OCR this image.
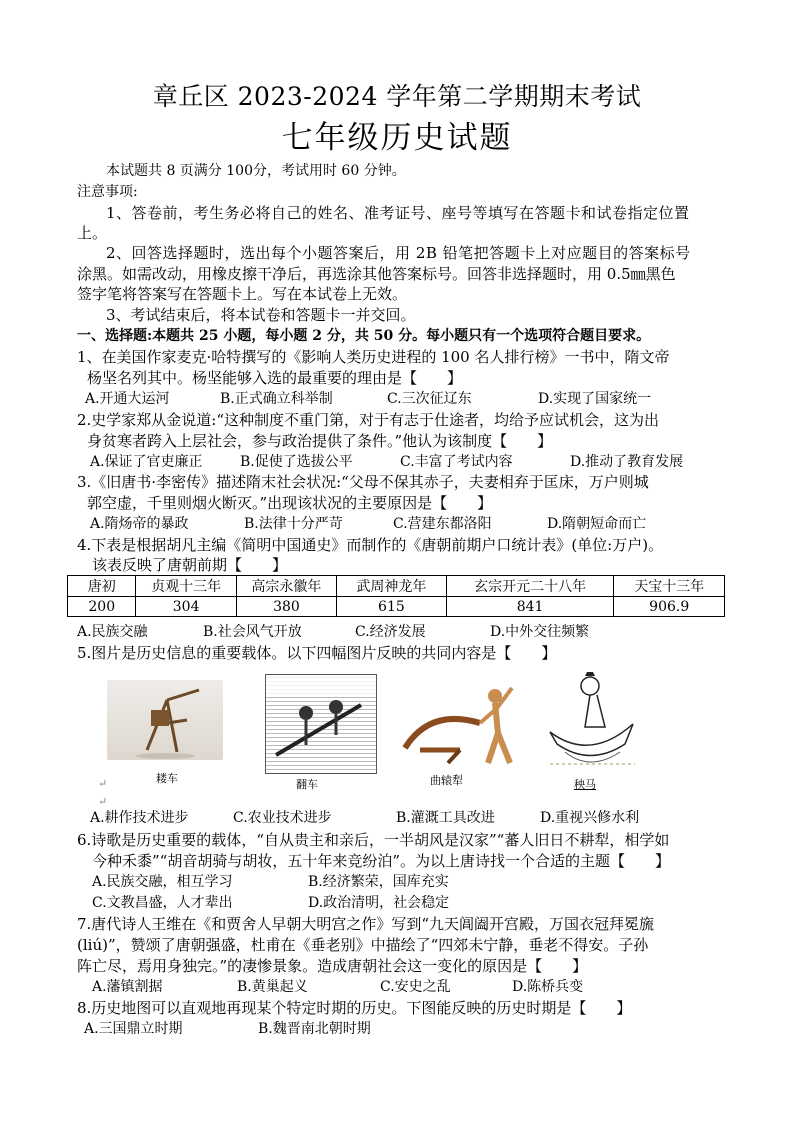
章丘区 2023-2024 学年第二学期期末考试
七年级历史试题
本试题共 8 页满分 100分，考试用时 60 分钟。
注意事项:
1、答卷前，考生务必将自己的姓名、准考证号、座号等填写在答题卡和试卷指定位置
上。
2、回答选择题时，选出每个小题答案后，用 2B 铅笔把答题卡上对应题目的答案标号
涂黑。如需改动，用橡皮擦干净后，再选涂其他答案标号。回答非选择题时，用 0.5㎜黑色
签字笔将答案写在答题卡上。写在本试卷上无效。
3、考试结束后，将本试卷和答题卡一并交回。
一、选择题:本题共 25 小题，每小题 2 分，共 50 分。每小题只有一个选项符合题目要求。
1、在美国作家麦克·哈特撰写的《影响人类历史进程的 100 名人排行榜》一书中，隋文帝
杨坚名列其中。杨坚能够入选的最重要的理由是【　　】
A.开通大运河	B.正式确立科举制	C.三次征辽东	D.实现了国家统一
2.史学家郑从金说道:“这种制度不重门第，对于有志于仕途者，均给予应试机会，这为出
身贫寒者跨入上层社会，参与政治提供了条件。”他认为该制度【　　】
A.保证了官吏廉正	B.促使了选拔公平	C.丰富了考试内容	D.推动了教育发展
3.《旧唐书·李密传》描述隋末社会状况:“父母不保其赤子，夫妻相弃于匡床，万户则城
郭空虚，千里则烟火断灭。”出现该状况的主要原因是【　　】
A.隋炀帝的暴政	B.法律十分严苛	C.营建东都洛阳	D.隋朝短命而亡
4.下表是根据胡凡主编《简明中国通史》而制作的《唐朝前期户口统计表》(单位:万户)。
该表反映了唐朝前期【　　】
唐初	贞观十三年	高宗永徽年	武周神龙年	玄宗开元二十八年	天宝十三年
200	304	380	615	841	906.9
A.民族交融	B.社会风气开放	C.经济发展	D.中外交往频繁
5.图片是历史信息的重要载体。以下四幅图片反映的共同内容是【　　】
耧车	翻车	曲辕犁	秧马
↵
↵
A.耕作技术进步	C.农业技术进步	B.灌溉工具改进	D.重视兴修水利
6.诗歌是历史重要的载体，“自从贵主和亲后，一半胡风是汉家”“蕃人旧日不耕犁，相学如
今种禾黍”“胡音胡骑与胡妆，五十年来竞纷泊”。为以上唐诗找一个合适的主题【　　】
A.民族交融，相互学习	B.经济繁荣，国库充实
C.文教昌盛，人才辈出	D.政治清明，社会稳定
7.唐代诗人王维在《和贾舍人早朝大明宫之作》写到“九天阊阖开宫殿，万国衣冠拜冕旒
(liú)”，赞颂了唐朝强盛，杜甫在《垂老别》中描绘了“四郊未宁静，垂老不得安。子孙
阵亡尽，焉用身独完。”的凄惨景象。造成唐朝社会这一变化的原因是【　　】
A.藩镇割据	B.黄巢起义	C.安史之乱	D.陈桥兵变
8.历史地图可以直观地再现某个特定时期的历史。下图能反映的历史时期是【　　】
A.三国鼎立时期	B.魏晋南北朝时期
